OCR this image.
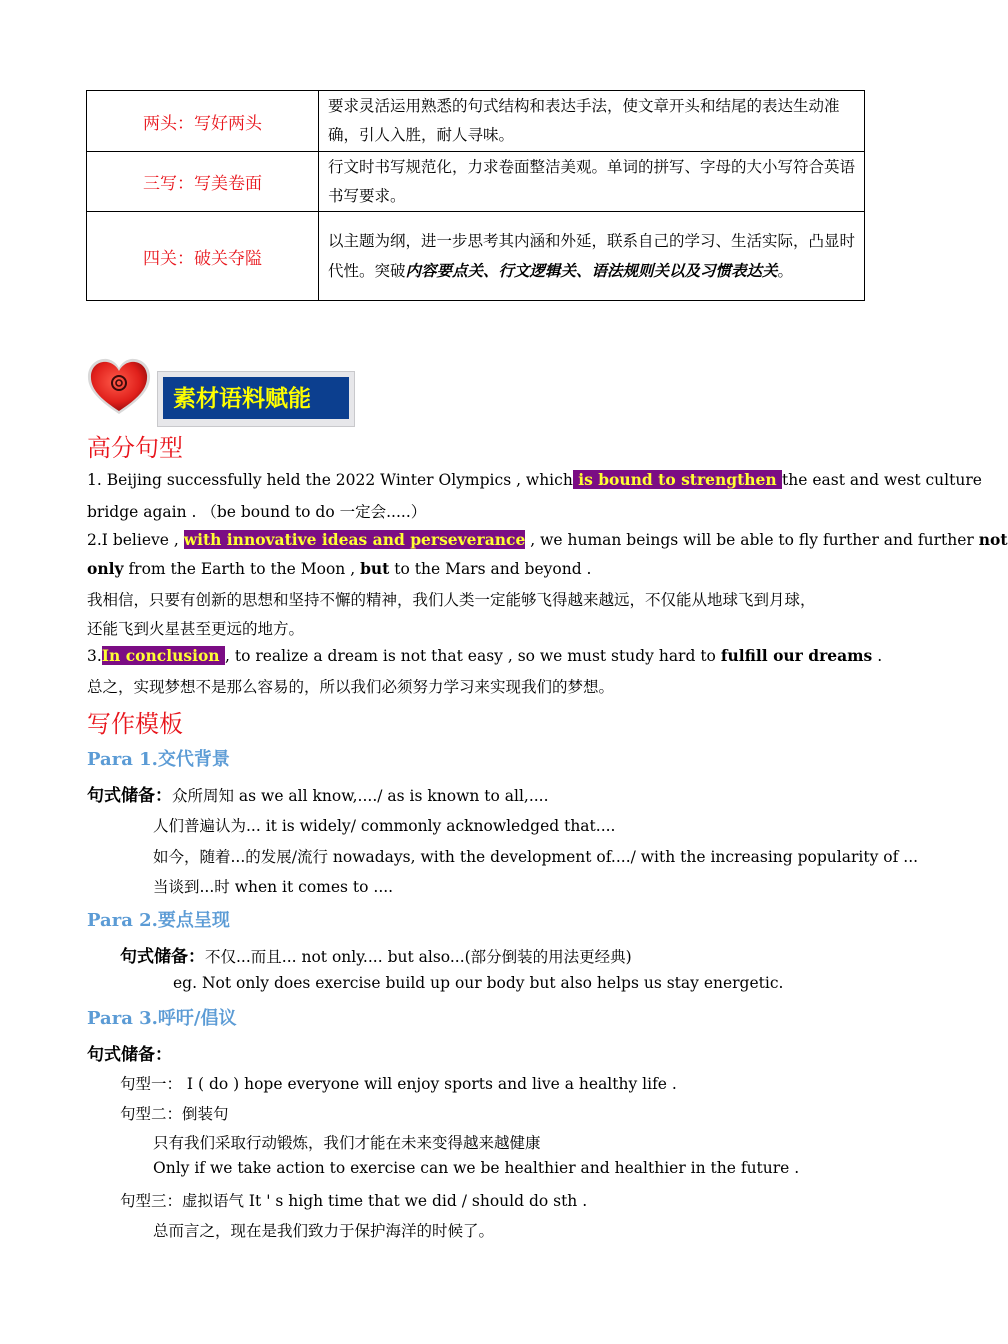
两头：写好两头	要求灵活运用熟悉的句式结构和表达手法，使文章开头和结尾的表达生动准确，引人入胜，耐人寻味。
三写：写美卷面	行文时书写规范化，力求卷面整洁美观。单词的拼写、字母的大小写符合英语书写要求。
四关：破关夺隘	以主题为纲，进一步思考其内涵和外延，联系自己的学习、生活实际，凸显时代性。突破内容要点关、行文逻辑关、语法规则关以及习惯表达关。
素材语料赋能
高分句型
1. Beijing successfully held the 2022 Winter Olympics , which is bound to strengthen the east and west culture
bridge again . （be bound to do 一定会.....）
2.I believe , with innovative ideas and perseverance , we human beings will be able to fly further and further not
only from the Earth to the Moon , but to the Mars and beyond .
我相信，只要有创新的思想和坚持不懈的精神，我们人类一定能够飞得越来越远，不仅能从地球飞到月球，
还能飞到火星甚至更远的地方。
3.In conclusion , to realize a dream is not that easy , so we must study hard to fulfill our dreams .
总之，实现梦想不是那么容易的，所以我们必须努力学习来实现我们的梦想。
写作模板
Para 1.交代背景
句式储备：众所周知 as we all know,..../ as is known to all,....
人们普遍认为... it is widely/ commonly acknowledged that....
如今，随着...的发展/流行 nowadays, with the development of..../ with the increasing popularity of ...
当谈到...时 when it comes to ....
Para 2.要点呈现
句式储备：不仅...而且... not only.... but also...(部分倒装的用法更经典)
eg. Not only does exercise build up our body but also helps us stay energetic.
Para 3.呼吁/倡议
句式储备：
句型一： I ( do ) hope everyone will enjoy sports and live a healthy life .
句型二：倒装句
只有我们采取行动锻炼，我们才能在未来变得越来越健康
Only if we take action to exercise can we be healthier and healthier in the future .
句型三：虚拟语气 It ' s high time that we did / should do sth .
总而言之，现在是我们致力于保护海洋的时候了。
